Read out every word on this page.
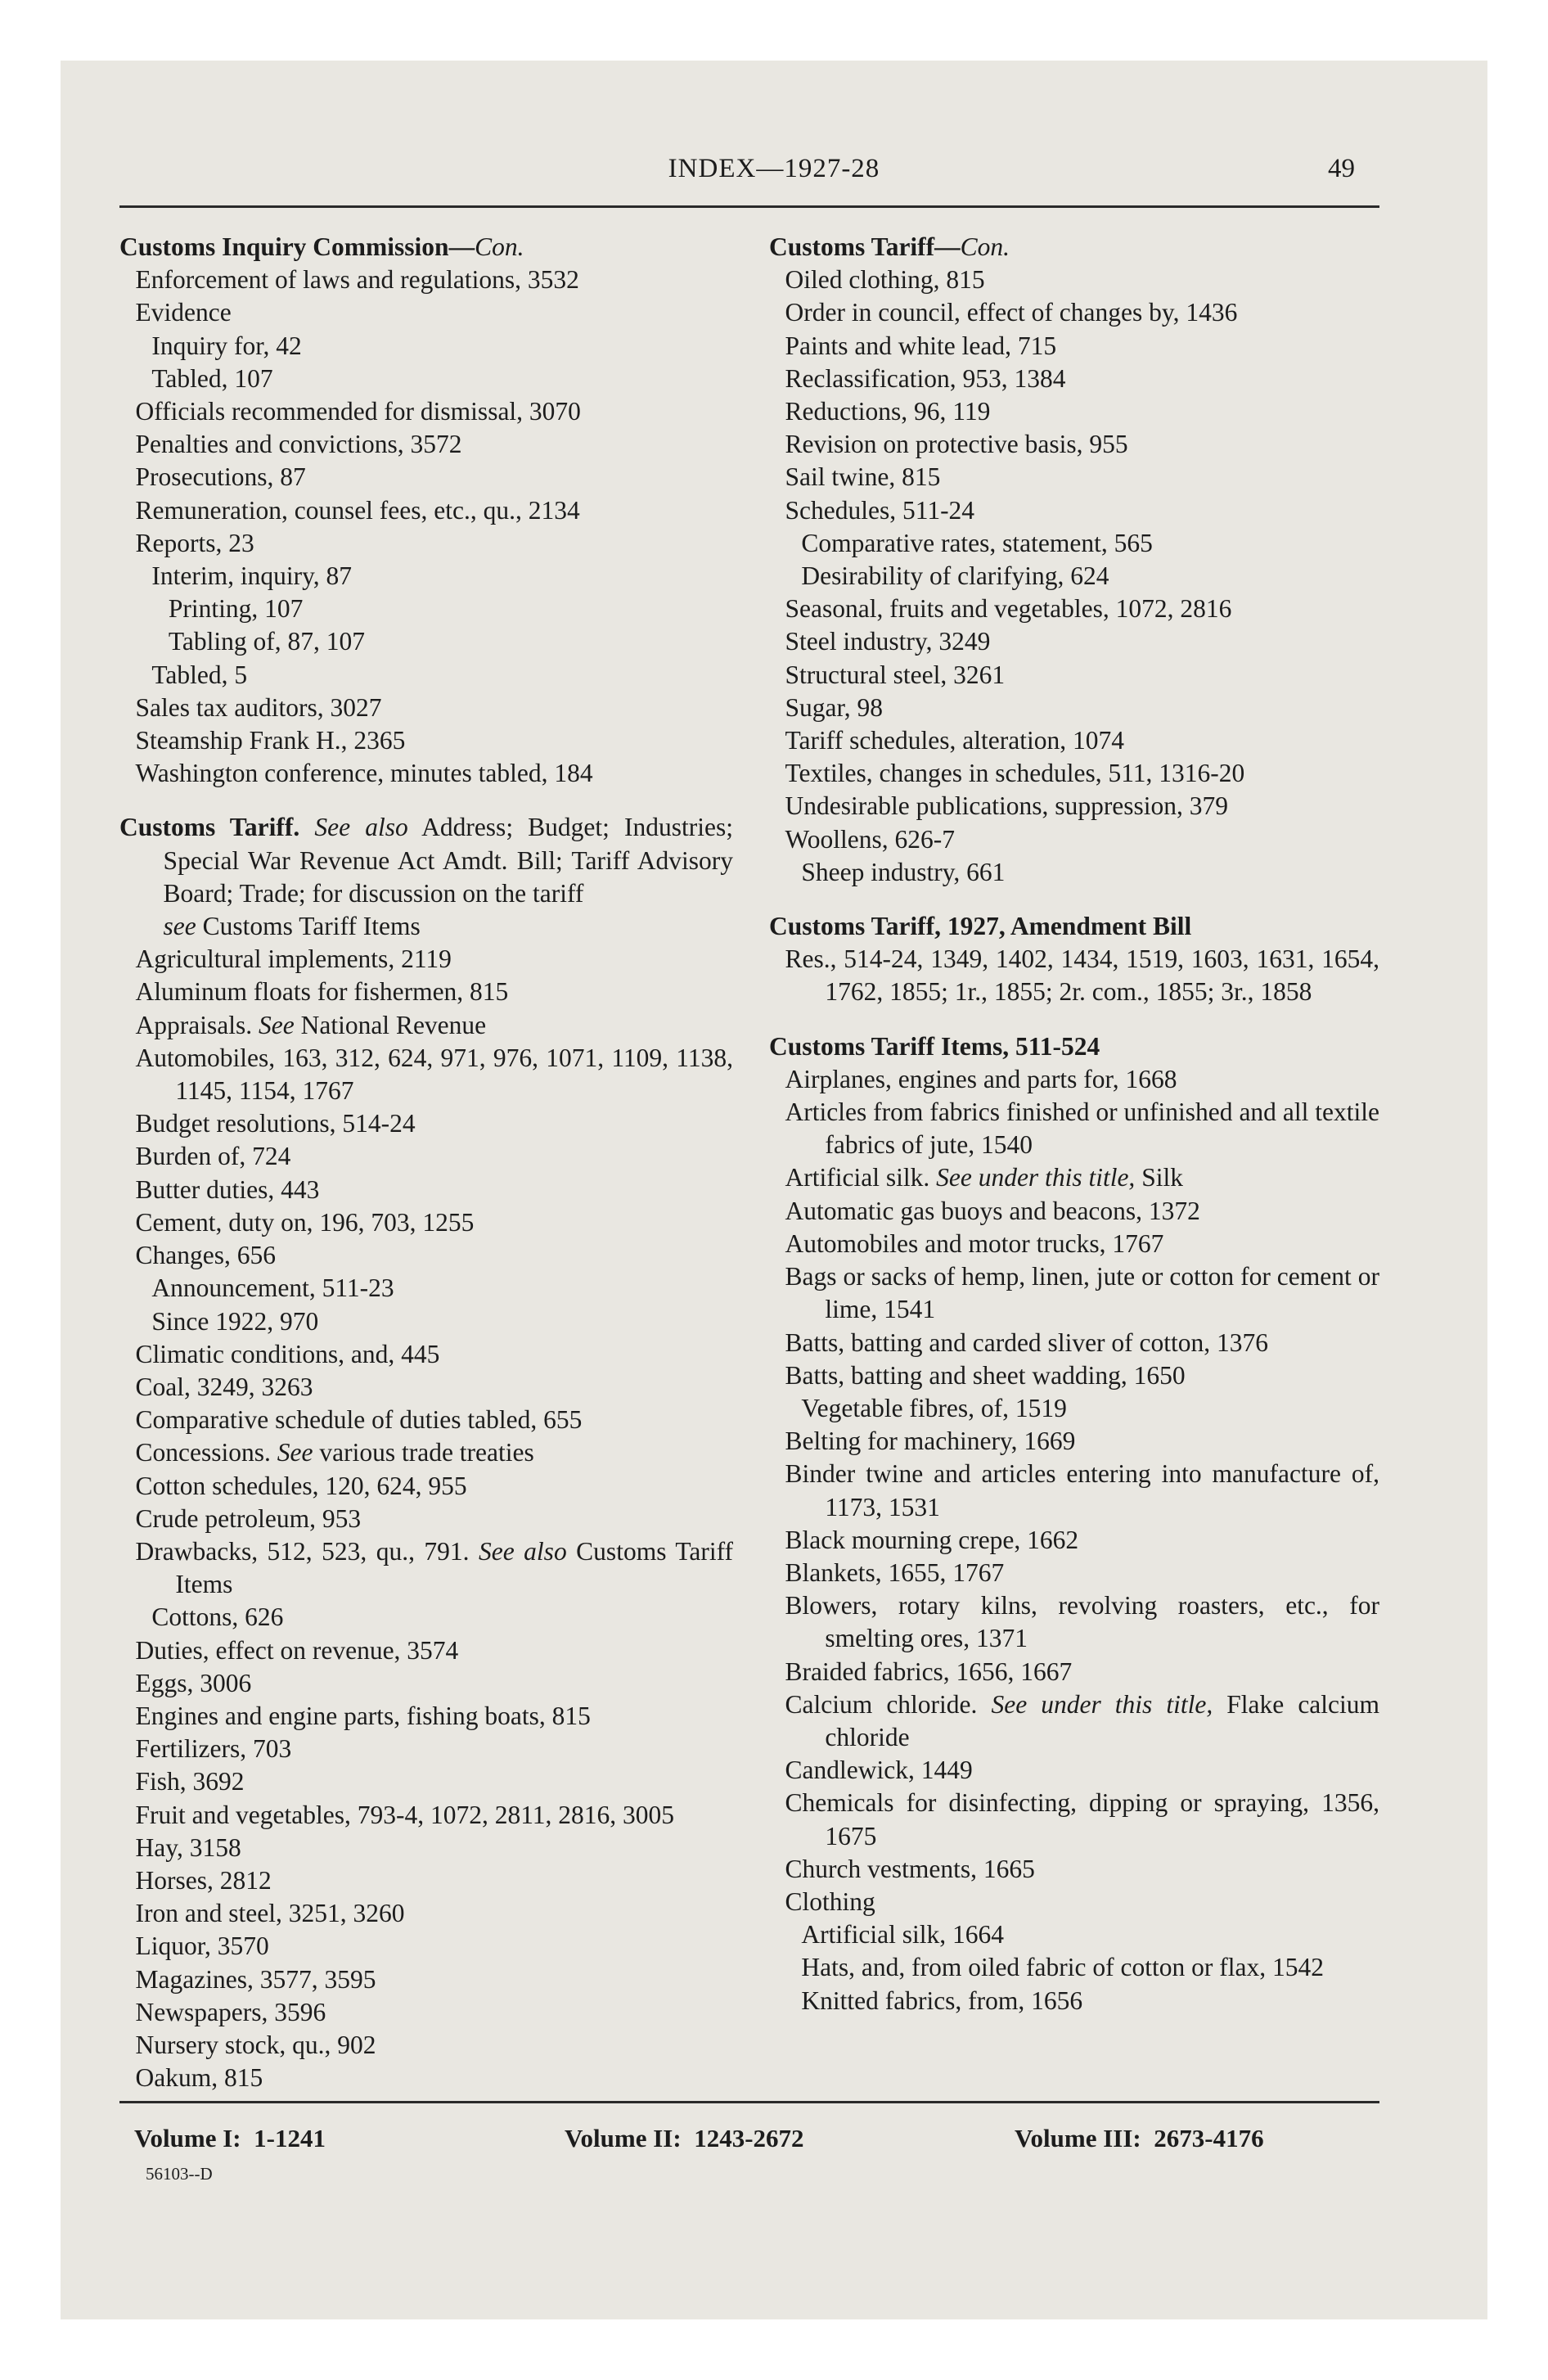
INDEX—1927-28	49
Customs Inquiry Commission—Con.
Enforcement of laws and regulations, 3532
Evidence
Inquiry for, 42
Tabled, 107
Officials recommended for dismissal, 3070
Penalties and convictions, 3572
Prosecutions, 87
Remuneration, counsel fees, etc., qu., 2134
Reports, 23
Interim, inquiry, 87
Printing, 107
Tabling of, 87, 107
Tabled, 5
Sales tax auditors, 3027
Steamship Frank H., 2365
Washington conference, minutes tabled, 184
Customs Tariff. See also Address; Budget; Industries; Special War Revenue Act Amdt. Bill; Tariff Advisory Board; Trade; for discussion on the tariff
see Customs Tariff Items
Agricultural implements, 2119
Aluminum floats for fishermen, 815
Appraisals. See National Revenue
Automobiles, 163, 312, 624, 971, 976, 1071, 1109, 1138, 1145, 1154, 1767
Budget resolutions, 514-24
Burden of, 724
Butter duties, 443
Cement, duty on, 196, 703, 1255
Changes, 656
Announcement, 511-23
Since 1922, 970
Climatic conditions, and, 445
Coal, 3249, 3263
Comparative schedule of duties tabled, 655
Concessions. See various trade treaties
Cotton schedules, 120, 624, 955
Crude petroleum, 953
Drawbacks, 512, 523, qu., 791. See also Customs Tariff Items
Cottons, 626
Duties, effect on revenue, 3574
Eggs, 3006
Engines and engine parts, fishing boats, 815
Fertilizers, 703
Fish, 3692
Fruit and vegetables, 793-4, 1072, 2811, 2816, 3005
Hay, 3158
Horses, 2812
Iron and steel, 3251, 3260
Liquor, 3570
Magazines, 3577, 3595
Newspapers, 3596
Nursery stock, qu., 902
Oakum, 815
Customs Tariff—Con.
Oiled clothing, 815
Order in council, effect of changes by, 1436
Paints and white lead, 715
Reclassification, 953, 1384
Reductions, 96, 119
Revision on protective basis, 955
Sail twine, 815
Schedules, 511-24
Comparative rates, statement, 565
Desirability of clarifying, 624
Seasonal, fruits and vegetables, 1072, 2816
Steel industry, 3249
Structural steel, 3261
Sugar, 98
Tariff schedules, alteration, 1074
Textiles, changes in schedules, 511, 1316-20
Undesirable publications, suppression, 379
Woollens, 626-7
Sheep industry, 661
Customs Tariff, 1927, Amendment Bill
Res., 514-24, 1349, 1402, 1434, 1519, 1603, 1631, 1654, 1762, 1855; 1r., 1855; 2r. com., 1855; 3r., 1858
Customs Tariff Items, 511-524
Airplanes, engines and parts for, 1668
Articles from fabrics finished or unfinished and all textile fabrics of jute, 1540
Artificial silk. See under this title, Silk
Automatic gas buoys and beacons, 1372
Automobiles and motor trucks, 1767
Bags or sacks of hemp, linen, jute or cotton for cement or lime, 1541
Batts, batting and carded sliver of cotton, 1376
Batts, batting and sheet wadding, 1650
Vegetable fibres, of, 1519
Belting for machinery, 1669
Binder twine and articles entering into manufacture of, 1173, 1531
Black mourning crepe, 1662
Blankets, 1655, 1767
Blowers, rotary kilns, revolving roasters, etc., for smelting ores, 1371
Braided fabrics, 1656, 1667
Calcium chloride. See under this title, Flake calcium chloride
Candlewick, 1449
Chemicals for disinfecting, dipping or spraying, 1356, 1675
Church vestments, 1665
Clothing
Artificial silk, 1664
Hats, and, from oiled fabric of cotton or flax, 1542
Knitted fabrics, from, 1656
Volume I: 1-1241	Volume II: 1243-2672	Volume III: 2673-4176
56103--D
